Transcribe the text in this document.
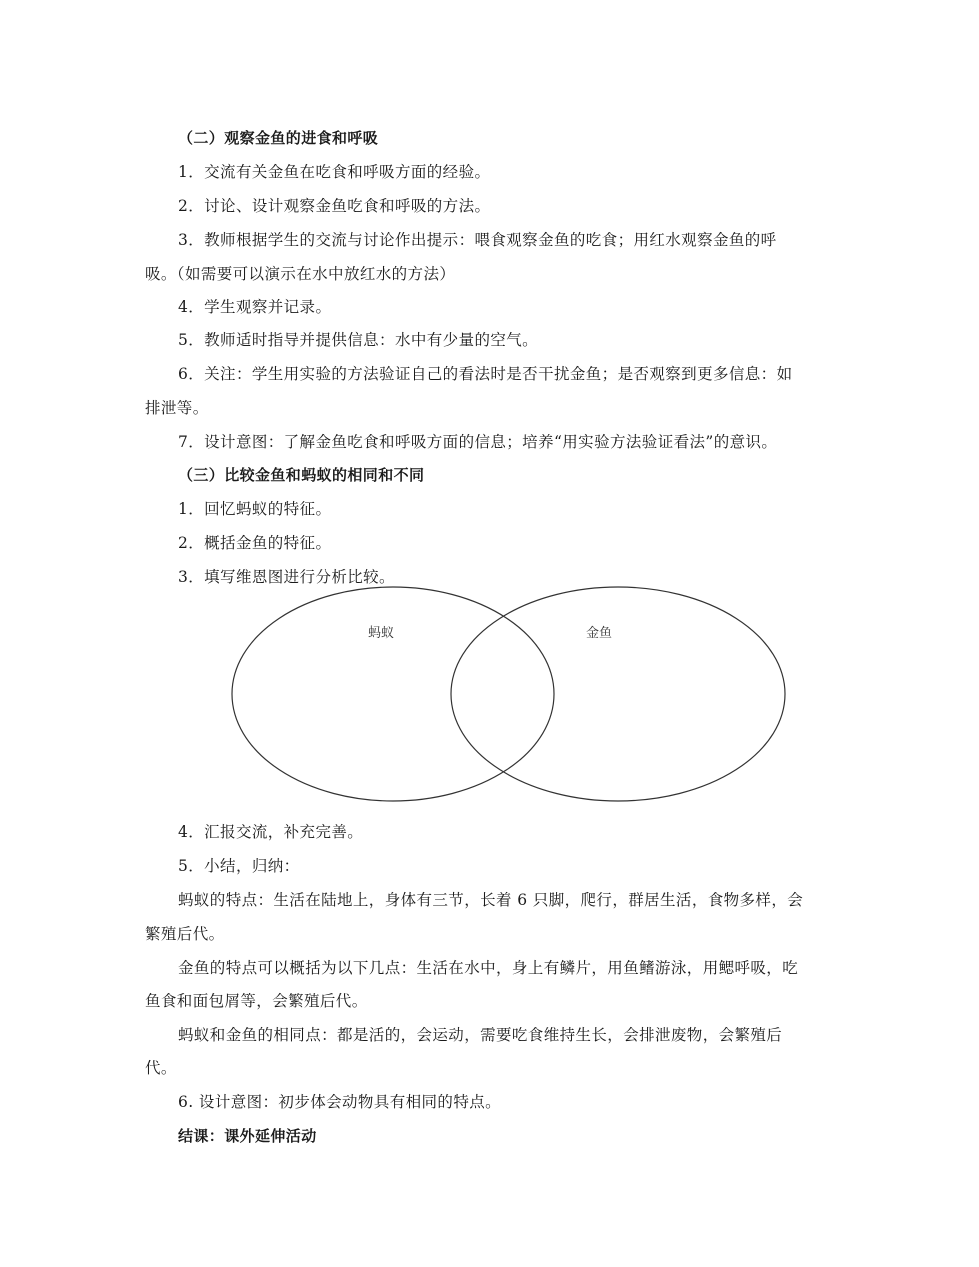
（二）观察金鱼的进食和呼吸
1．交流有关金鱼在吃食和呼吸方面的经验。
2．讨论、设计观察金鱼吃食和呼吸的方法。
3．教师根据学生的交流与讨论作出提示：喂食观察金鱼的吃食；用红水观察金鱼的呼
吸。（如需要可以演示在水中放红水的方法）
4．学生观察并记录。
5．教师适时指导并提供信息：水中有少量的空气。
6．关注：学生用实验的方法验证自己的看法时是否干扰金鱼；是否观察到更多信息：如
排泄等。
7．设计意图：了解金鱼吃食和呼吸方面的信息；培养“用实验方法验证看法”的意识。
（三）比较金鱼和蚂蚁的相同和不同
1．回忆蚂蚁的特征。
2．概括金鱼的特征。
3．填写维恩图进行分析比较。
蚂蚁	金鱼
4．汇报交流，补充完善。
5．小结，归纳：
蚂蚁的特点：生活在陆地上，身体有三节，长着 6 只脚，爬行，群居生活，食物多样，会
繁殖后代。
金鱼的特点可以概括为以下几点：生活在水中，身上有鳞片，用鱼鳍游泳，用鳃呼吸，吃
鱼食和面包屑等，会繁殖后代。
蚂蚁和金鱼的相同点：都是活的，会运动，需要吃食维持生长，会排泄废物，会繁殖后
代。
6. 设计意图：初步体会动物具有相同的特点。
结课：课外延伸活动
